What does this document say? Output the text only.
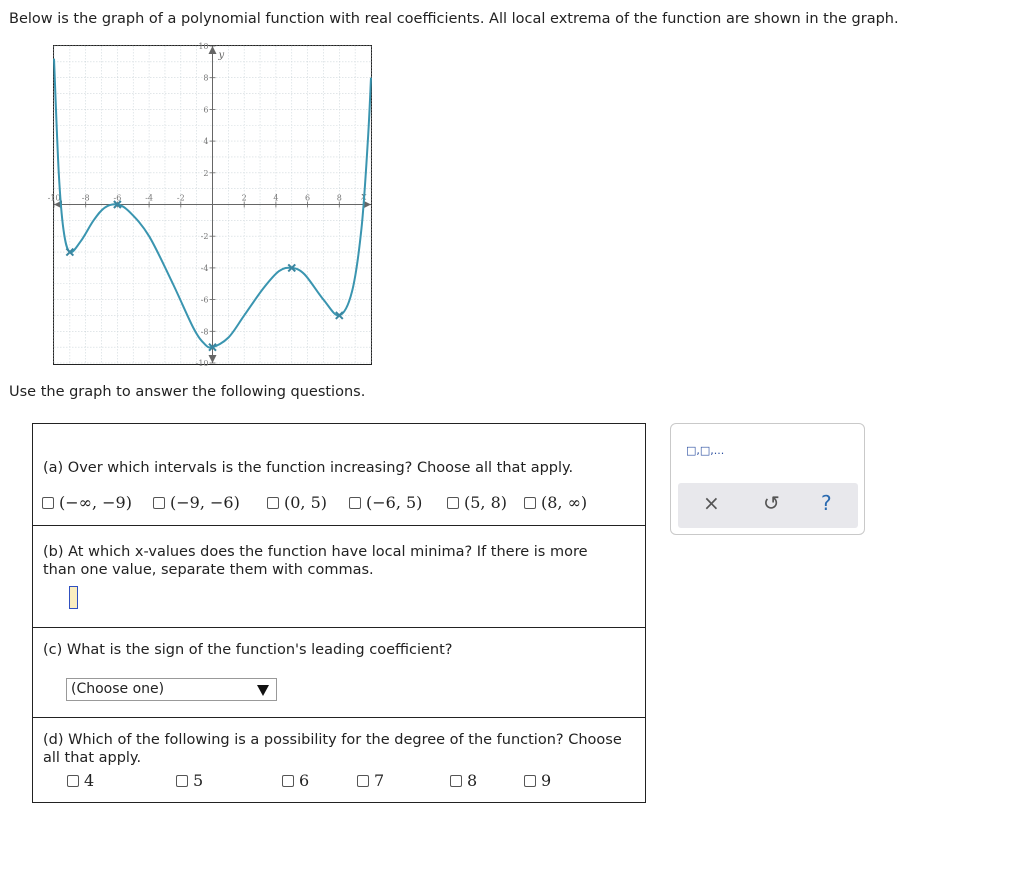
Below is the graph of a polynomial function with real coefficients. All local extrema of the function are shown in the graph.
y
x
-10	-8	-6	-4	-2	2	4	6	8
10
8
6
4
2
-2
-4
-6
-8
-10
Use the graph to answer the following questions.
(a) Over which intervals is the function increasing? Choose all that apply.
(−∞, −9)	(−9, −6)	(0, 5)	(−6, 5)	(5, 8)	(8, ∞)
(b) At which x-values does the function have local minima? If there is more
than one value, separate them with commas.
(c) What is the sign of the function's leading coefficient?
(Choose one)
(d) Which of the following is a possibility for the degree of the function? Choose
all that apply.
4	5	6	7	8	9
□,□,...
× ↺ ?
